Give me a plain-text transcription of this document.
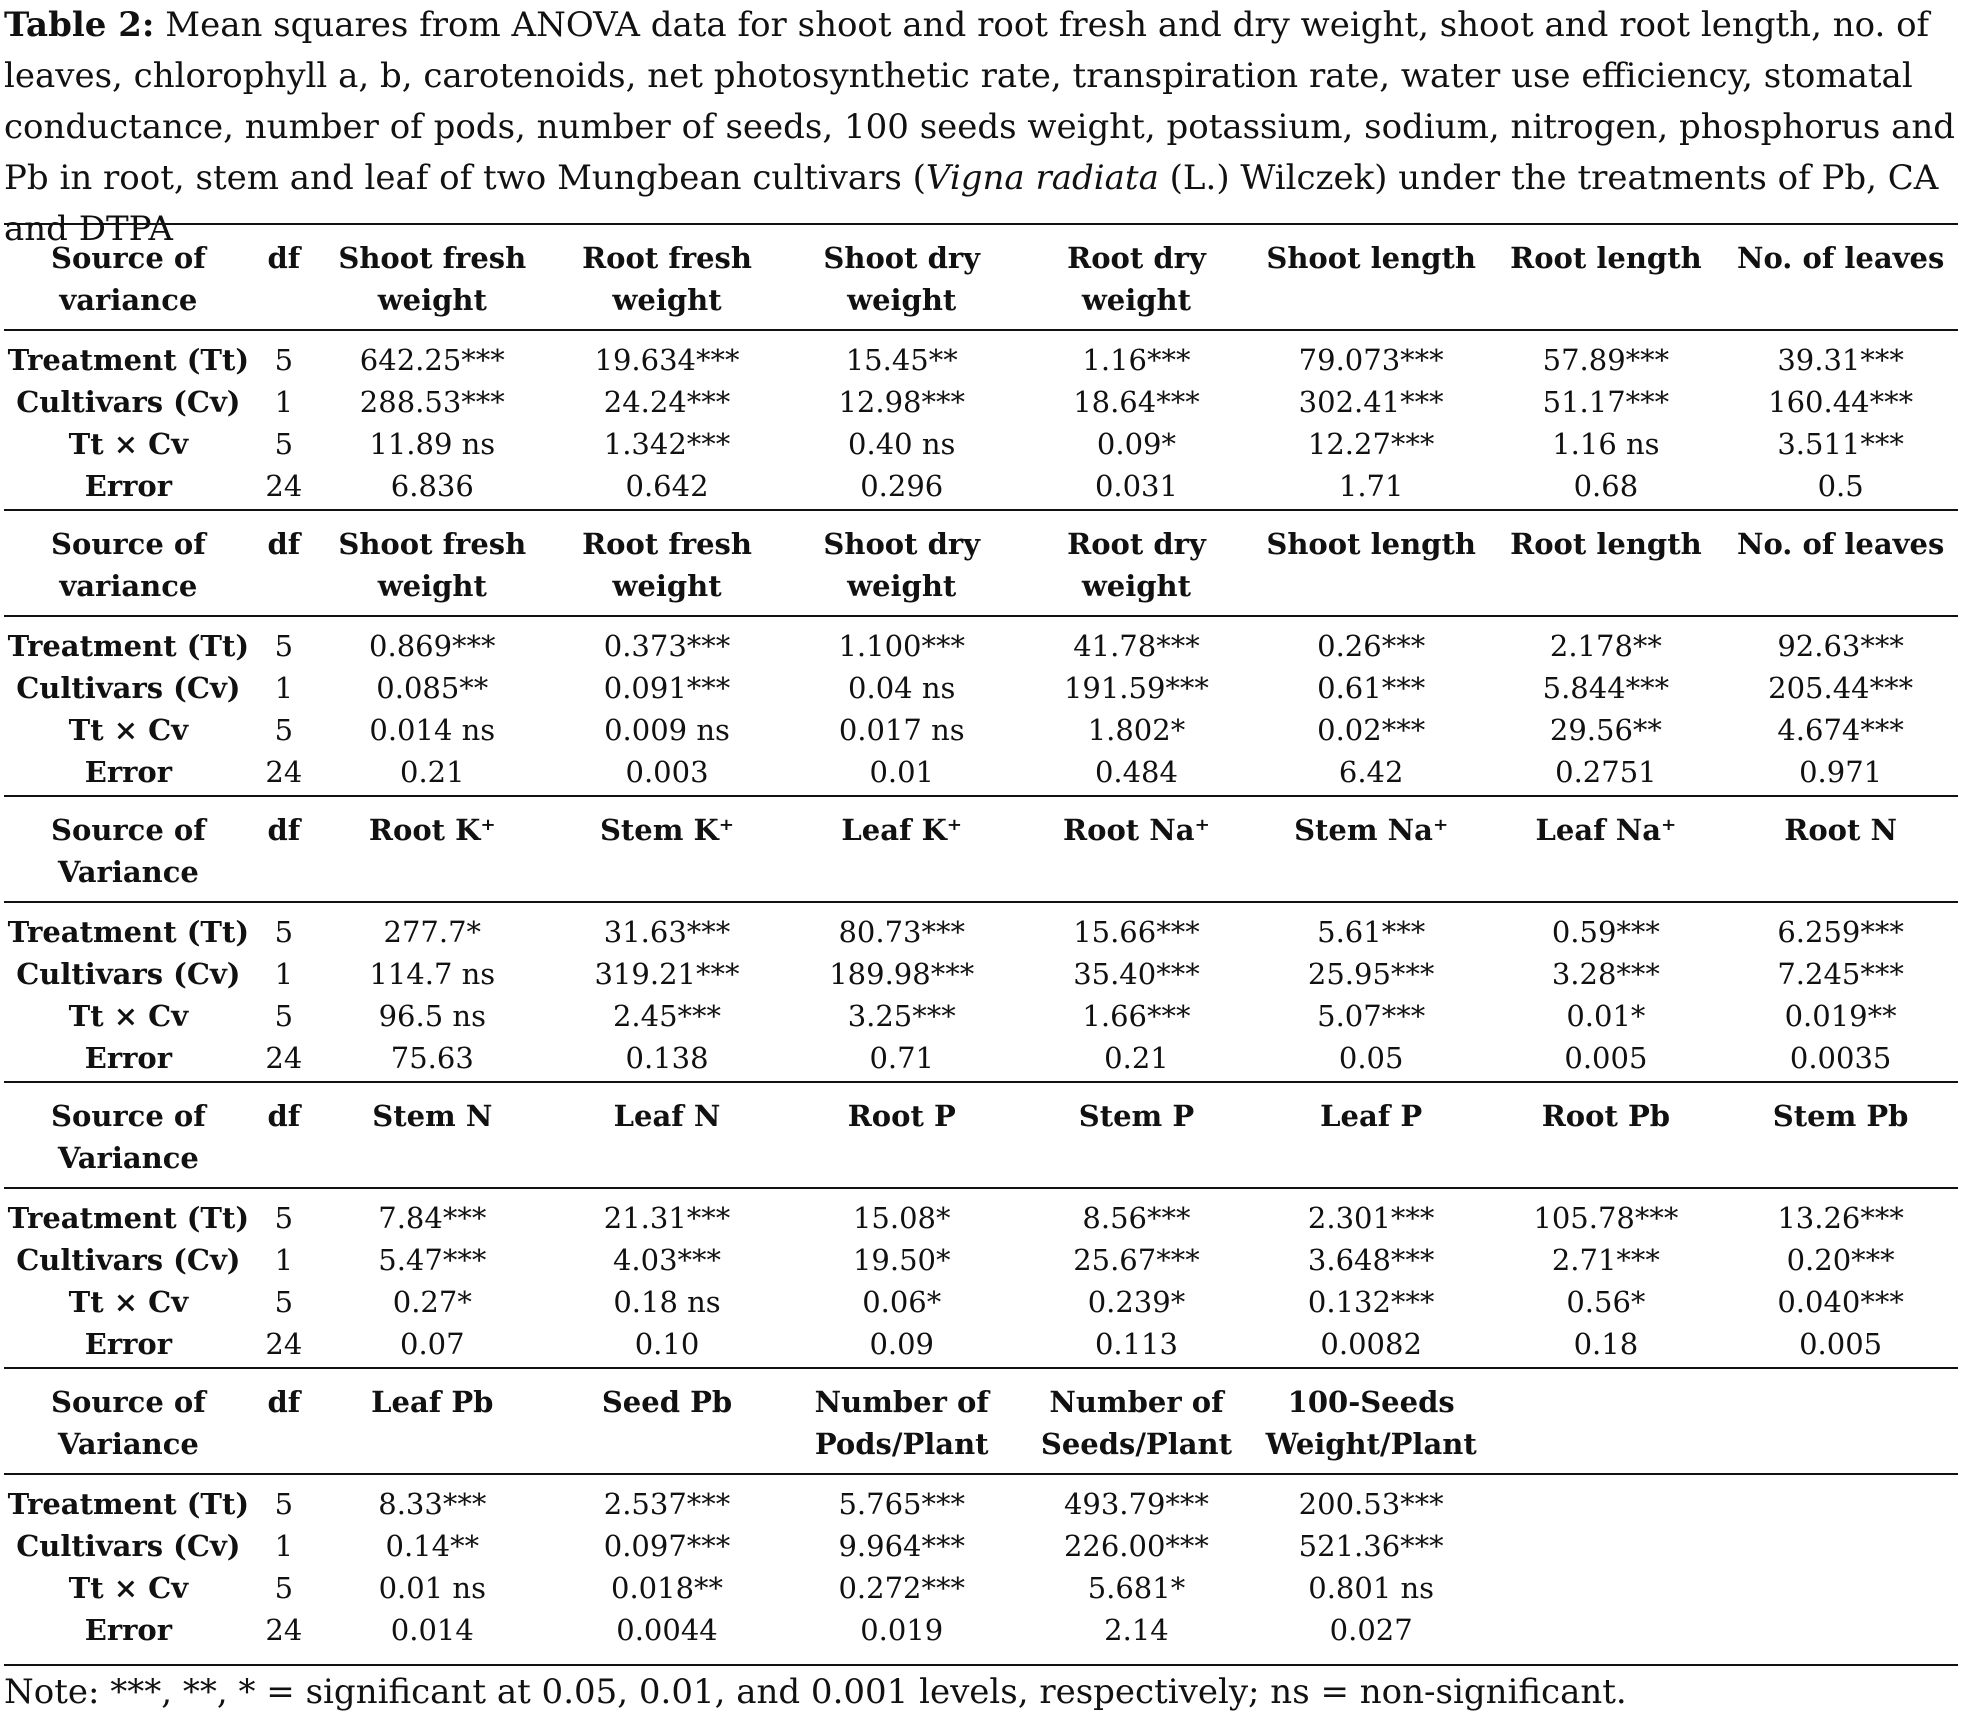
Table 2: Mean squares from ANOVA data for shoot and root fresh and dry weight, shoot and root length, no. of leaves, chlorophyll a, b, carotenoids, net photosynthetic rate, transpiration rate, water use efficiency, stomatal conductance, number of pods, number of seeds, 100 seeds weight, potassium, sodium, nitrogen, phosphorus and Pb in root, stem and leaf of two Mungbean cultivars (Vigna radiata (L.) Wilczek) under the treatments of Pb, CA and DTPA
Source of variance	df	Shoot fresh weight	Root fresh weight	Shoot dry weight	Root dry weight	Shoot length	Root length	No. of leaves
Treatment (Tt)	5	642.25***	19.634***	15.45**	1.16***	79.073***	57.89***	39.31***
Cultivars (Cv)	1	288.53***	24.24***	12.98***	18.64***	302.41***	51.17***	160.44***
Tt × Cv	5	11.89 ns	1.342***	0.40 ns	0.09*	12.27***	1.16 ns	3.511***
Error	24	6.836	0.642	0.296	0.031	1.71	0.68	0.5
Source of variance	df	Shoot fresh weight	Root fresh weight	Shoot dry weight	Root dry weight	Shoot length	Root length	No. of leaves
Treatment (Tt)	5	0.869***	0.373***	1.100***	41.78***	0.26***	2.178**	92.63***
Cultivars (Cv)	1	0.085**	0.091***	0.04 ns	191.59***	0.61***	5.844***	205.44***
Tt × Cv	5	0.014 ns	0.009 ns	0.017 ns	1.802*	0.02***	29.56**	4.674***
Error	24	0.21	0.003	0.01	0.484	6.42	0.2751	0.971
Source of Variance	df	Root K⁺	Stem K⁺	Leaf K⁺	Root Na⁺	Stem Na⁺	Leaf Na⁺	Root N
Treatment (Tt)	5	277.7*	31.63***	80.73***	15.66***	5.61***	0.59***	6.259***
Cultivars (Cv)	1	114.7 ns	319.21***	189.98***	35.40***	25.95***	3.28***	7.245***
Tt × Cv	5	96.5 ns	2.45***	3.25***	1.66***	5.07***	0.01*	0.019**
Error	24	75.63	0.138	0.71	0.21	0.05	0.005	0.0035
Source of Variance	df	Stem N	Leaf N	Root P	Stem P	Leaf P	Root Pb	Stem Pb
Treatment (Tt)	5	7.84***	21.31***	15.08*	8.56***	2.301***	105.78***	13.26***
Cultivars (Cv)	1	5.47***	4.03***	19.50*	25.67***	3.648***	2.71***	0.20***
Tt × Cv	5	0.27*	0.18 ns	0.06*	0.239*	0.132***	0.56*	0.040***
Error	24	0.07	0.10	0.09	0.113	0.0082	0.18	0.005
Source of Variance	df	Leaf Pb	Seed Pb	Number of Pods/Plant	Number of Seeds/Plant	100-Seeds Weight/Plant		
Treatment (Tt)	5	8.33***	2.537***	5.765***	493.79***	200.53***		
Cultivars (Cv)	1	0.14**	0.097***	9.964***	226.00***	521.36***		
Tt × Cv	5	0.01 ns	0.018**	0.272***	5.681*	0.801 ns		
Error	24	0.014	0.0044	0.019	2.14	0.027		
Note: ***, **, * = significant at 0.05, 0.01, and 0.001 levels, respectively; ns = non-significant.
